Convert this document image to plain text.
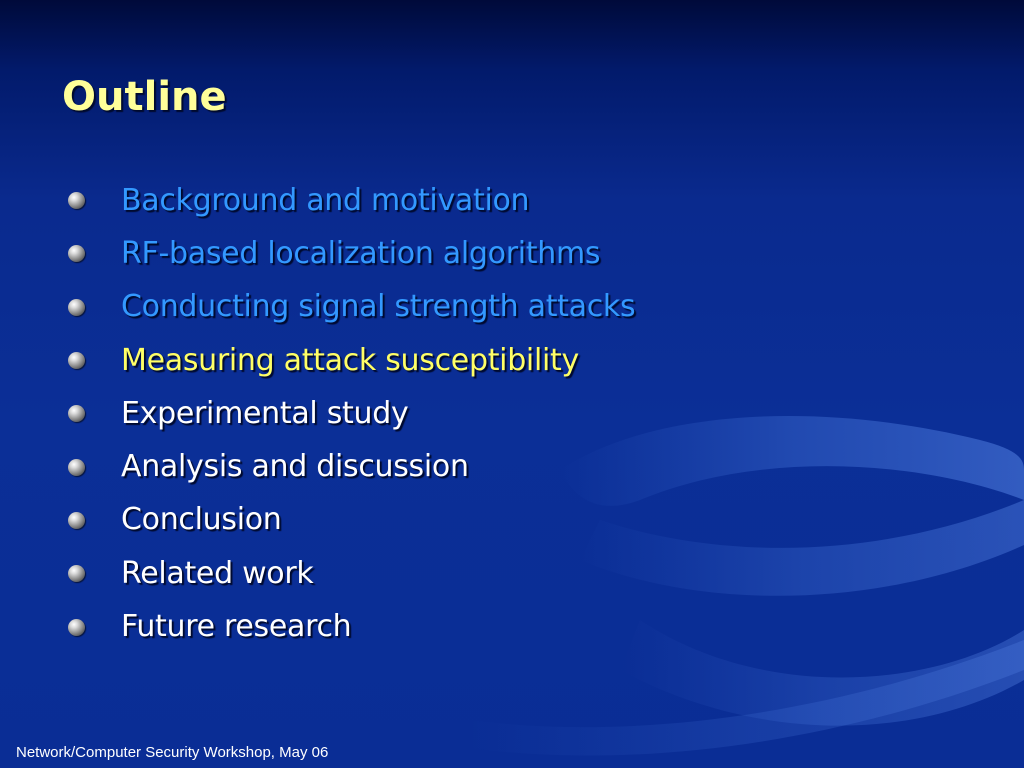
Outline
Background and motivation
RF-based localization algorithms
Conducting signal strength attacks
Measuring attack susceptibility
Experimental study
Analysis and discussion
Conclusion
Related work
Future research
Network/Computer Security Workshop, May 06
